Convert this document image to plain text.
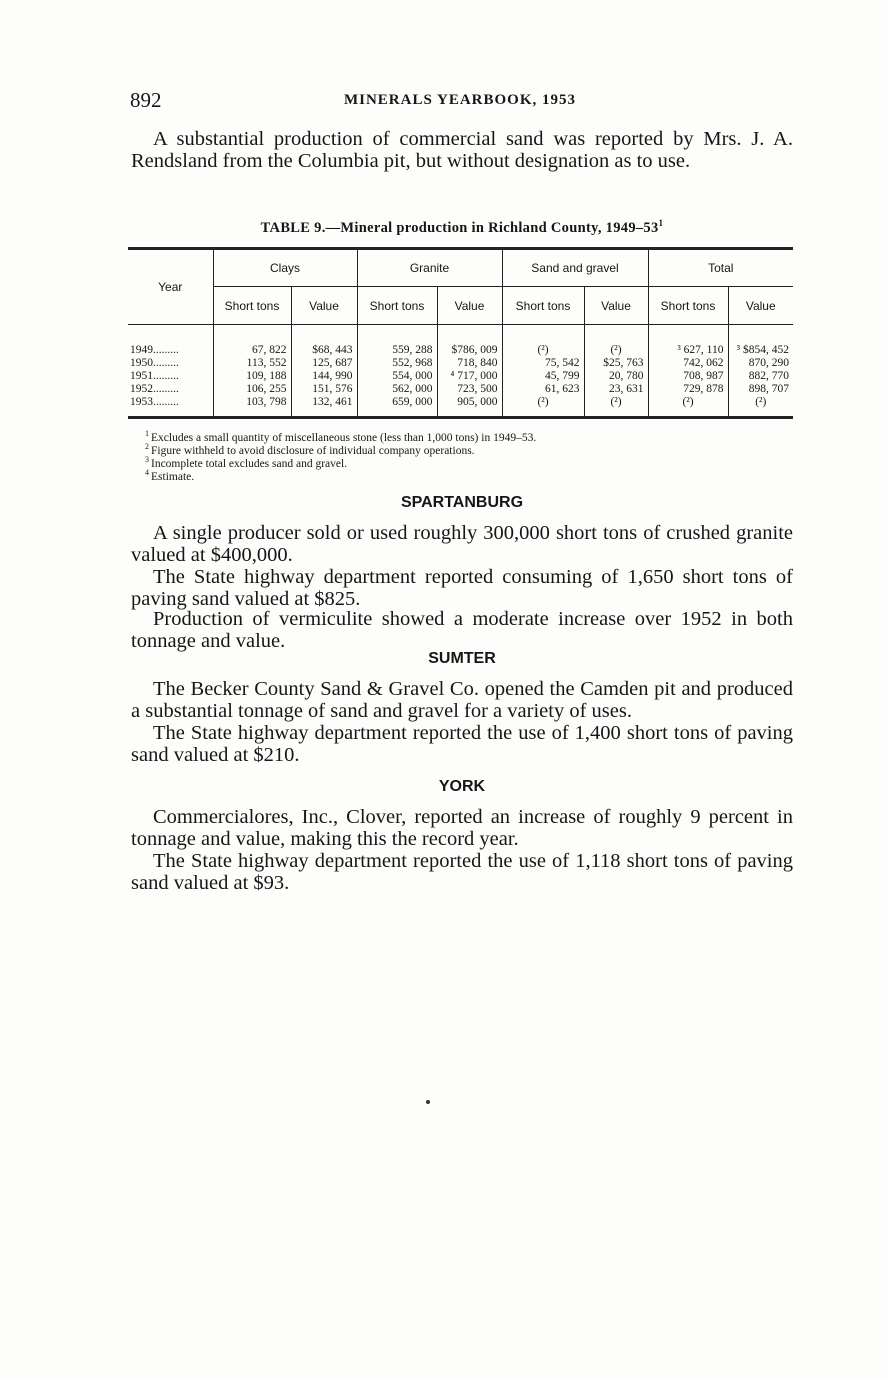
892	MINERALS YEARBOOK, 1953

A substantial production of commercial sand was reported by Mrs. J. A. Rendsland from the Columbia pit, but without designation as to use.

TABLE 9.—Mineral production in Richland County, $1949-53^1$
Year	Clays		Granite		Sand and gravel		Total	
	Short tons	Value	Short tons	Value	Short tons	Value	Short tons	Value
1949.........	67, 822	$68, 443	559, 288	$786, 009	(²)	(²)	³ 627, 110	³ $854, 452
1950.........	113, 552	125, 687	552, 968	718, 840	75, 542	$25, 763	742, 062	870, 290
1951.........	109, 188	144, 990	554, 000	⁴ 717, 000	45, 799	20, 780	708, 987	882, 770
1952.........	106, 255	151, 576	562, 000	723, 500	61, 623	23, 631	729, 878	898, 707
1953.........	103, 798	132, 461	659, 000	905, 000	(²)	(²)	(²)	(²)
$^1$ Excludes a small quantity of miscellaneous stone (less than 1,000 tons) in 1949–53.
$^2$ Figure withheld to avoid disclosure of individual company operations.
$^3$ Incomplete total excludes sand and gravel.
$^4$ Estimate.
SPARTANBURG

A single producer sold or used roughly 300,000 short tons of crushed granite valued at $400,000.

The State highway department reported consuming of 1,650 short tons of paving sand valued at $825.

Production of vermiculite showed a moderate increase over 1952 in both tonnage and value.

SUMTER

The Becker County Sand & Gravel Co. opened the Camden pit and produced a substantial tonnage of sand and gravel for a variety of uses.

The State highway department reported the use of 1,400 short tons of paving sand valued at $210.

YORK

Commercialores, Inc., Clover, reported an increase of roughly 9 percent in tonnage and value, making this the record year.

The State highway department reported the use of 1,118 short tons of paving sand valued at $93.
